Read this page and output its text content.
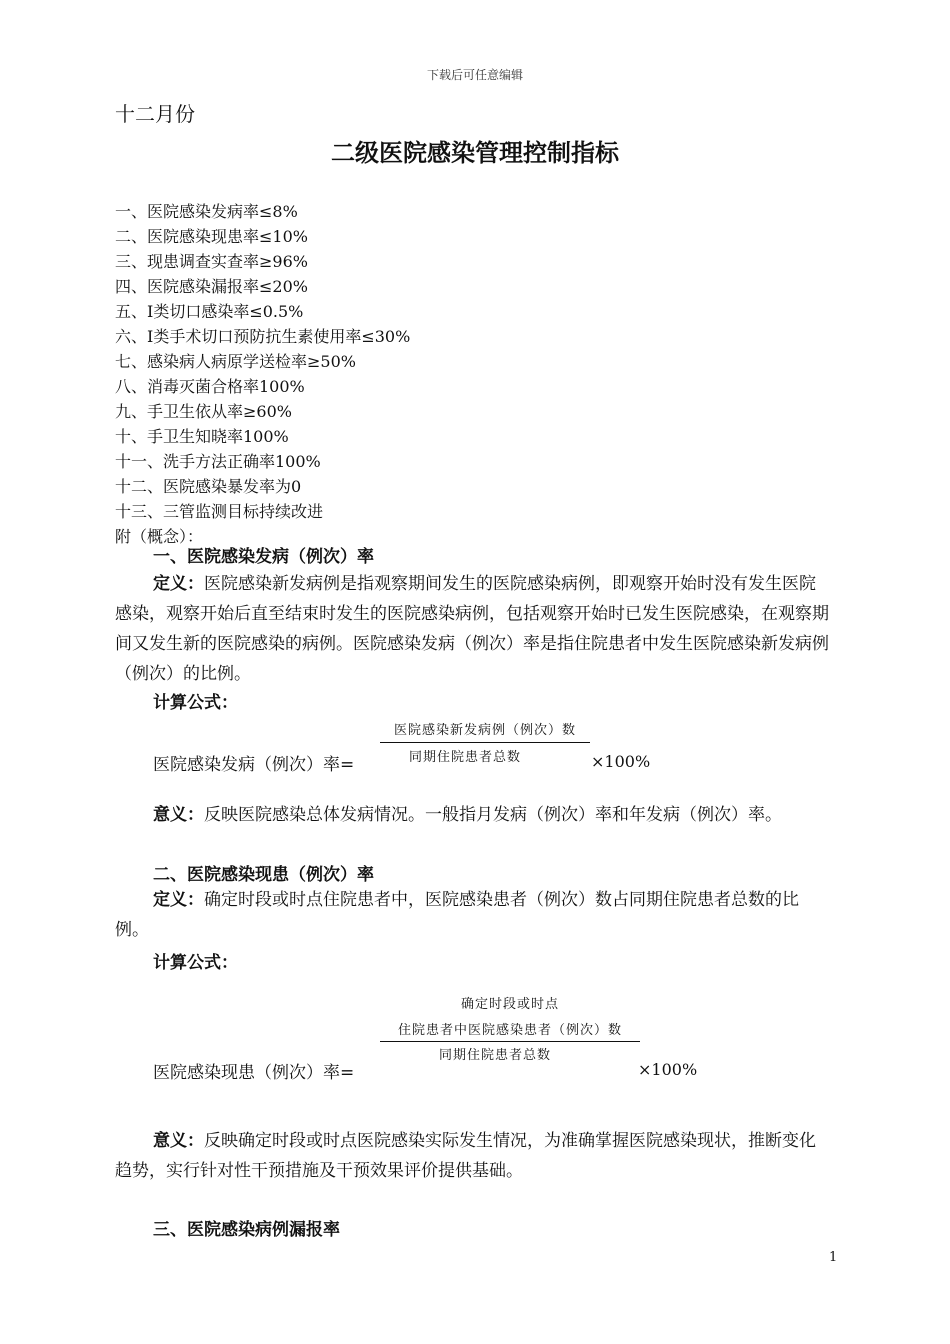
下载后可任意编辑
十二月份
二级医院感染管理控制指标
一、医院感染发病率≤8%
二、医院感染现患率≤10%
三、现患调查实查率≥96%
四、医院感染漏报率≤20%
五、I类切口感染率≤0.5%
六、I类手术切口预防抗生素使用率≤30%
七、感染病人病原学送检率≥50%
八、消毒灭菌合格率100%
九、手卫生依从率≥60%
十、手卫生知晓率100%
十一、洗手方法正确率100%
十二、医院感染暴发率为0
十三、三管监测目标持续改进
附（概念）：
一、医院感染发病（例次）率
定义：医院感染新发病例是指观察期间发生的医院感染病例，即观察开始时没有发生医院感染，观察开始后直至结束时发生的医院感染病例，包括观察开始时已发生医院感染，在观察期间又发生新的医院感染的病例。医院感染发病（例次）率是指住院患者中发生医院感染新发病例（例次）的比例。
计算公式：
医院感染新发病例（例次）数
同期住院患者总数
医院感染发病（例次）率=	×100%
意义：反映医院感染总体发病情况。一般指月发病（例次）率和年发病（例次）率。
二、医院感染现患（例次）率
定义：确定时段或时点住院患者中，医院感染患者（例次）数占同期住院患者总数的比例。
计算公式：
确定时段或时点
住院患者中医院感染患者（例次）数
同期住院患者总数
医院感染现患（例次）率=	×100%
意义：反映确定时段或时点医院感染实际发生情况，为准确掌握医院感染现状，推断变化趋势，实行针对性干预措施及干预效果评价提供基础。
三、医院感染病例漏报率
1
